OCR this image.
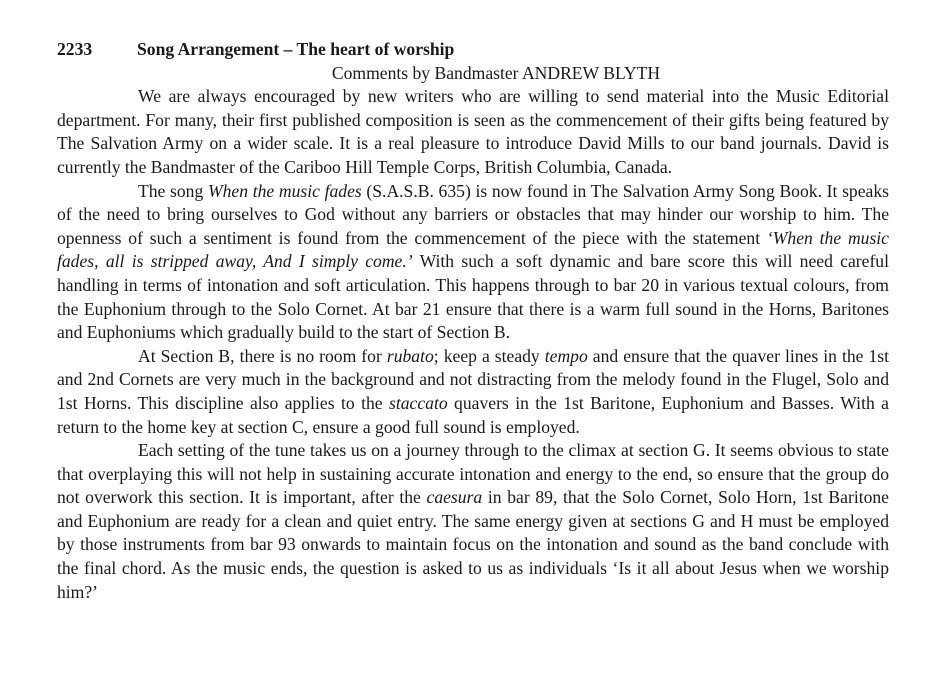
2233	Song Arrangement – The heart of worship
Comments by Bandmaster ANDREW BLYTH

We are always encouraged by new writers who are willing to send material into the Music Editorial department. For many, their first published composition is seen as the commencement of their gifts being featured by The Salvation Army on a wider scale. It is a real pleasure to introduce David Mills to our band journals. David is currently the Bandmaster of the Cariboo Hill Temple Corps, British Columbia, Canada.

The song When the music fades (S.A.S.B. 635) is now found in The Salvation Army Song Book. It speaks of the need to bring ourselves to God without any barriers or obstacles that may hinder our worship to him. The openness of such a sentiment is found from the commencement of the piece with the statement ‘When the music fades, all is stripped away, And I simply come.’ With such a soft dynamic and bare score this will need careful handling in terms of intonation and soft articulation. This happens through to bar 20 in various textual colours, from the Euphonium through to the Solo Cornet. At bar 21 ensure that there is a warm full sound in the Horns, Baritones and Euphoniums which gradually build to the start of Section B.

At Section B, there is no room for rubato; keep a steady tempo and ensure that the quaver lines in the 1st and 2nd Cornets are very much in the background and not distracting from the melody found in the Flugel, Solo and 1st Horns. This discipline also applies to the staccato quavers in the 1st Baritone, Euphonium and Basses. With a return to the home key at section C, ensure a good full sound is employed.

Each setting of the tune takes us on a journey through to the climax at section G. It seems obvious to state that overplaying this will not help in sustaining accurate intonation and energy to the end, so ensure that the group do not overwork this section. It is important, after the caesura in bar 89, that the Solo Cornet, Solo Horn, 1st Baritone and Euphonium are ready for a clean and quiet entry. The same energy given at sections G and H must be employed by those instruments from bar 93 onwards to maintain focus on the intonation and sound as the band conclude with the final chord. As the music ends, the question is asked to us as individuals ‘Is it all about Jesus when we worship him?’
